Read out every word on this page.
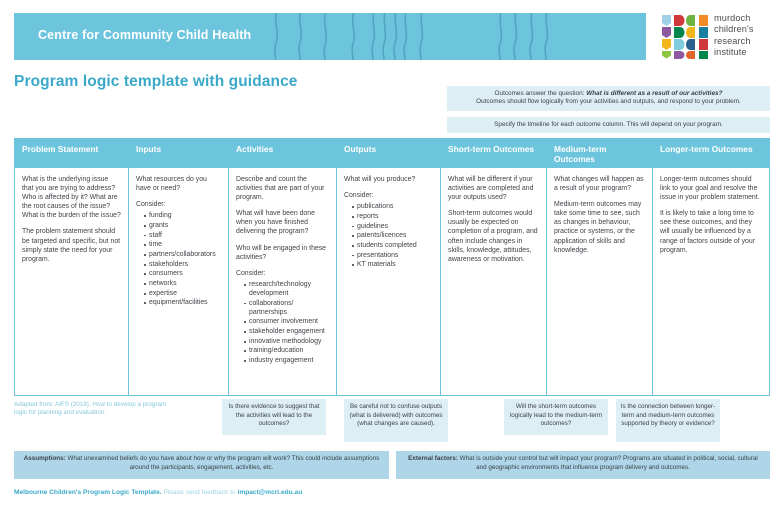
Centre for Community Child Health
murdoch
children's
research
institute
Program logic template with guidance

Outcomes answer the question: What is different as a result of our activities?

Outcomes should flow logically from your activities and outputs, and respond to your problem.

Specify the timeline for each outcome column. This will depend on your program.

Problem Statement

What is the underlying issue that you are trying to address? Who is affected by it? What are the root causes of the issue? What is the burden of the issue?

The problem statement should be targeted and specific, but not simply state the need for your program.

Inputs

What resources do you have or need?

Consider:

funding
grants
staff
time
partners/collaborators
stakeholders
consumers
networks
expertise
equipment/facilities
Activities

Describe and count the activities that are part of your program.

What will have been done when you have finished delivering the program?

Who will be engaged in these activities?

Consider:

research/technology development
collaborations/ partnerships
consumer involvement
stakeholder engagement
innovative methodology
training/education
industry engagement
Outputs

What will you produce?

Consider:

publications
reports
guidelines
patents/licences
students completed
presentations
KT materials
Short-term Outcomes

What will be different if your activities are completed and your outputs used?

Short-term outcomes would usually be expected on completion of a program, and often include changes in skills, knowledge, attitudes, awareness or motivation.

Medium-term Outcomes

What changes will happen as a result of your program?

Medium-term outcomes may take some time to see, such as changes in behaviour, practice or systems, or the application of skills and knowledge.

Longer-term Outcomes

Longer-term outcomes should link to your goal and resolve the issue in your problem statement.

It is likely to take a long time to see these outcomes, and they will usually be influenced by a range of factors outside of your program.

Adapted from: AIFS (2019). How to develop a program logic for planning and evaluation.
Is there evidence to suggest that the activities will lead to the outcomes?
Be careful not to confuse outputs (what is delivered) with outcomes (what changes are caused).
Will the short-term outcomes logically lead to the medium-term outcomes?
Is the connection between longer-term and medium-term outcomes supported by theory or evidence?
Assumptions: What unexamined beliefs do you have about how or why the program will work? This could include assumptions around the participants, engagement, activities, etc.
External factors: What is outside your control but will impact your program? Programs are situated in political, social, cultural and geographic environments that influence program delivery and outcomes.
Melbourne Children's Program Logic Template. Please send feedback to impact@mcri.edu.au
